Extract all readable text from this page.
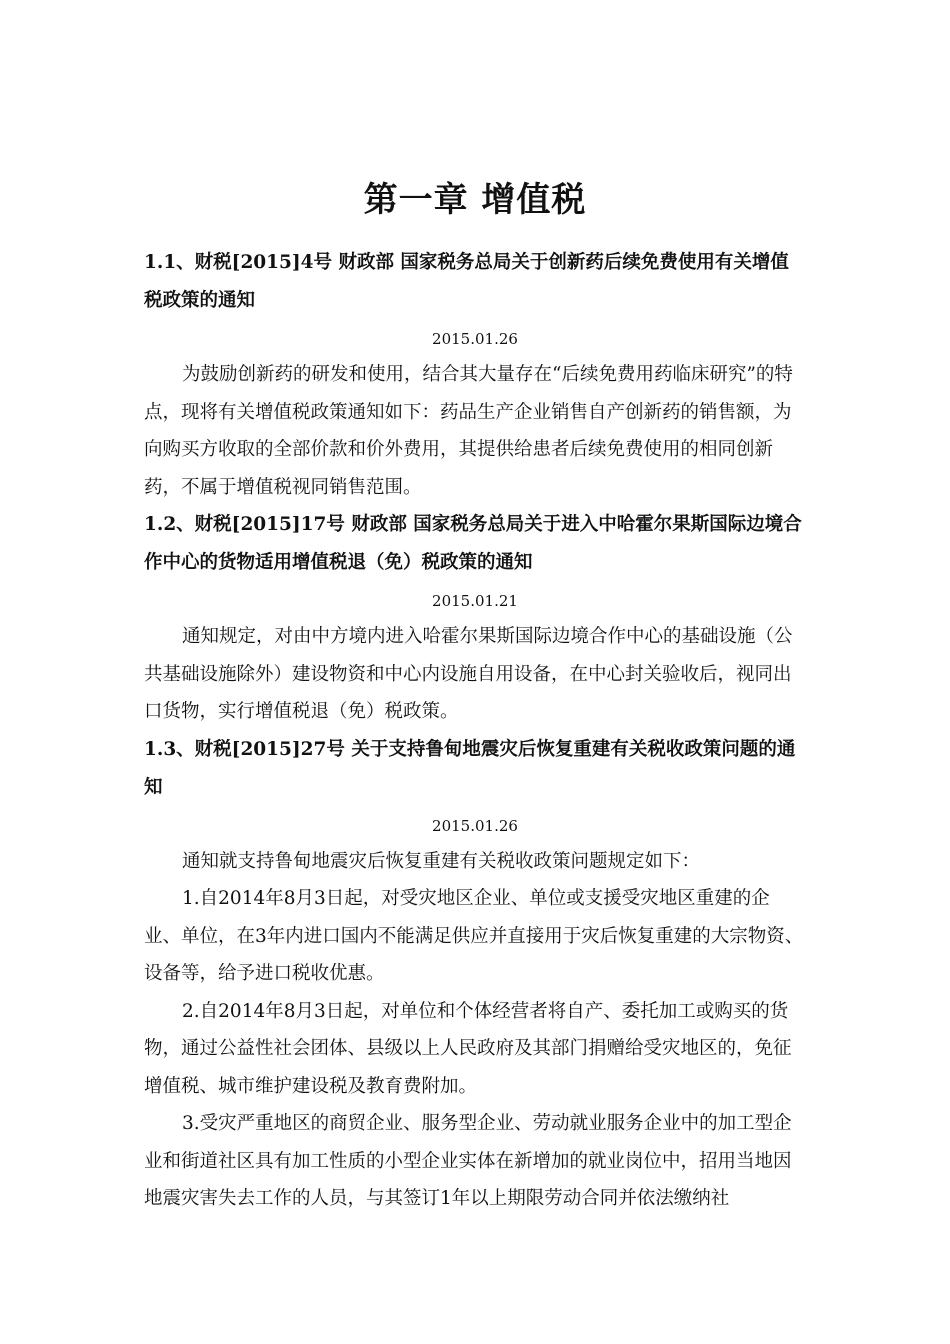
第一章 增值税

1.1、财税[2015]4号 财政部 国家税务总局关于创新药后续免费使用有关增值税政策的通知

2015.01.26

为鼓励创新药的研发和使用，结合其大量存在“后续免费用药临床研究”的特点，现将有关增值税政策通知如下：药品生产企业销售自产创新药的销售额，为向购买方收取的全部价款和价外费用，其提供给患者后续免费使用的相同创新药，不属于增值税视同销售范围。

1.2、财税[2015]17号 财政部 国家税务总局关于进入中哈霍尔果斯国际边境合作中心的货物适用增值税退（免）税政策的通知

2015.01.21

通知规定，对由中方境内进入哈霍尔果斯国际边境合作中心的基础设施（公共基础设施除外）建设物资和中心内设施自用设备，在中心封关验收后，视同出口货物，实行增值税退（免）税政策。

1.3、财税[2015]27号 关于支持鲁甸地震灾后恢复重建有关税收政策问题的通知

2015.01.26

通知就支持鲁甸地震灾后恢复重建有关税收政策问题规定如下：

1.自2014年8月3日起，对受灾地区企业、单位或支援受灾地区重建的企业、单位，在3年内进口国内不能满足供应并直接用于灾后恢复重建的大宗物资、设备等，给予进口税收优惠。

2.自2014年8月3日起，对单位和个体经营者将自产、委托加工或购买的货物，通过公益性社会团体、县级以上人民政府及其部门捐赠给受灾地区的，免征增值税、城市维护建设税及教育费附加。

3.受灾严重地区的商贸企业、服务型企业、劳动就业服务企业中的加工型企业和街道社区具有加工性质的小型企业实体在新增加的就业岗位中，招用当地因地震灾害失去工作的人员，与其签订1年以上期限劳动合同并依法缴纳社
